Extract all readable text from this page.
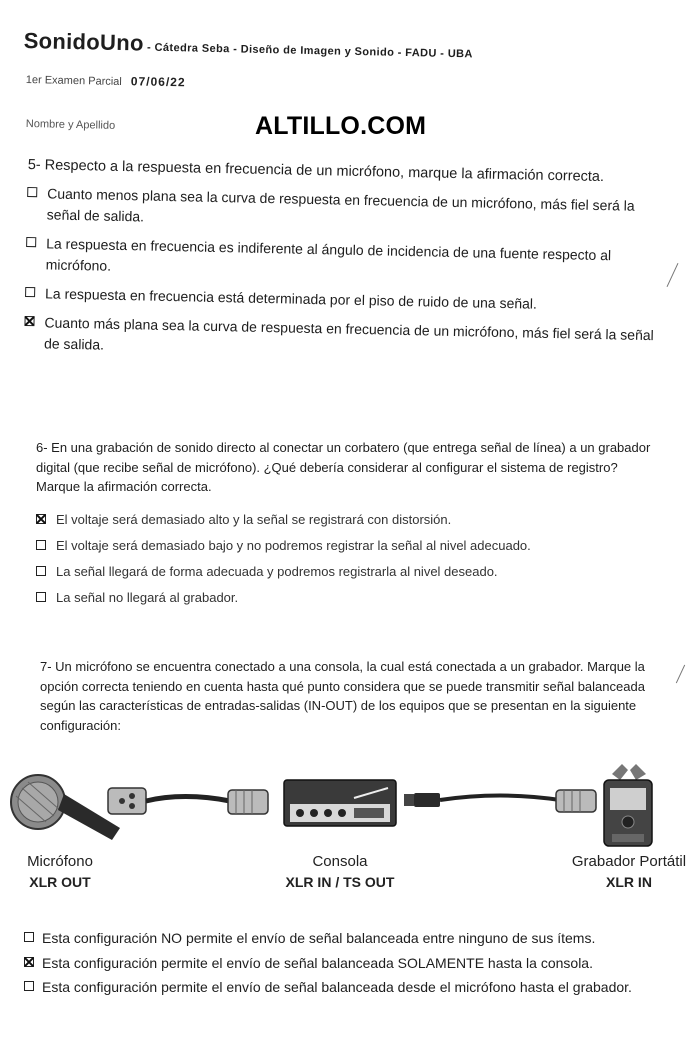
SonidoUno - Cátedra Seba - Diseño de Imagen y Sonido - FADU - UBA
1er Examen Parcial 07/06/22
Nombre y Apellido	ALTILLO.COM
5- Respecto a la respuesta en frecuencia de un micrófono, marque la afirmación correcta.
Cuanto menos plana sea la curva de respuesta en frecuencia de un micrófono, más fiel será la señal de salida.
La respuesta en frecuencia es indiferente al ángulo de incidencia de una fuente respecto al micrófono.
La respuesta en frecuencia está determinada por el piso de ruido de una señal.
Cuanto más plana sea la curva de respuesta en frecuencia de un micrófono, más fiel será la señal de salida.
6- En una grabación de sonido directo al conectar un corbatero (que entrega señal de línea) a un grabador digital (que recibe señal de micrófono). ¿Qué debería considerar al configurar el sistema de registro? Marque la afirmación correcta.
El voltaje será demasiado alto y la señal se registrará con distorsión.
El voltaje será demasiado bajo y no podremos registrar la señal al nivel adecuado.
La señal llegará de forma adecuada y podremos registrarla al nivel deseado.
La señal no llegará al grabador.
7- Un micrófono se encuentra conectado a una consola, la cual está conectada a un grabador. Marque la opción correcta teniendo en cuenta hasta qué punto considera que se puede transmitir señal balanceada según las características de entradas-salidas (IN-OUT) de los equipos que se presentan en la siguiente configuración:
Micrófono
XLR OUT
Consola
XLR IN / TS OUT
Grabador Portátil
XLR IN
Esta configuración NO permite el envío de señal balanceada entre ninguno de sus ítems.
Esta configuración permite el envío de señal balanceada SOLAMENTE hasta la consola.
Esta configuración permite el envío de señal balanceada desde el micrófono hasta el grabador.
